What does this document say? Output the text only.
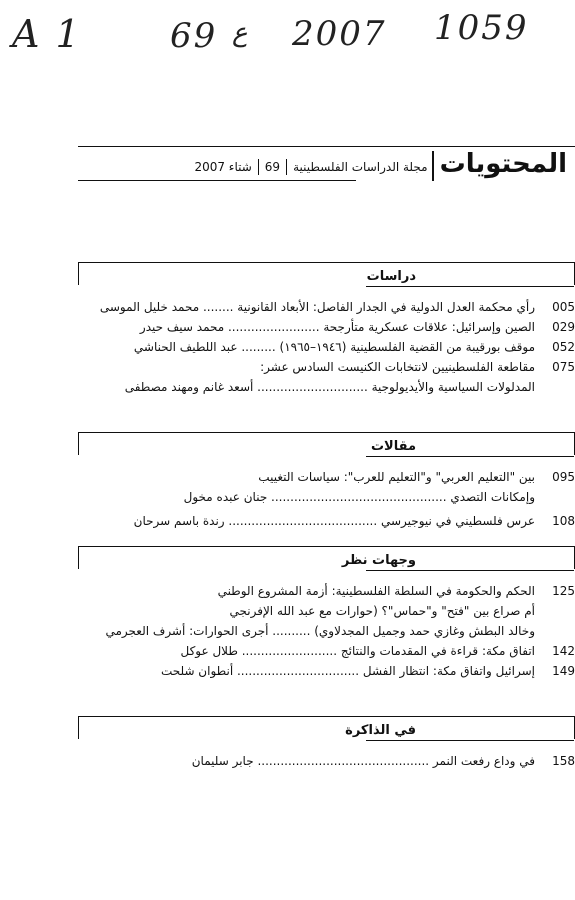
A 1	69 ع 2007 1059
المحتويات
مجلة الدراسات الفلسطينية
69
شتاء 2007
دراسات
005
رأي محكمة العدل الدولية في الجدار الفاصل: الأبعاد القانونية ........ محمد خليل الموسى
029
الصين وإسرائيل: علاقات عسكرية متأرجحة ........................ محمد سيف حيدر
052
موقف بورقيبة من القضية الفلسطينية (١٩٤٦–١٩٦٥) ......... عبد اللطيف الحناشي
075
مقاطعة الفلسطينيين لانتخابات الكنيست السادس عشر:
المدلولات السياسية والأيديولوجية ............................. أسعد غانم ومهند مصطفى
مقالات
095
بين "التعليم العربي" و"التعليم للعرب": سياسات التغييب
وإمكانات التصدي .............................................. جنان عبده مخول
108
عرس فلسطيني في نيوجيرسي ....................................... رندة باسم سرحان
وجهات نظر
125
الحكم والحكومة في السلطة الفلسطينية: أزمة المشروع الوطني
أم صراع بين "فتح" و"حماس"؟ (حوارات مع عبد الله الإفرنجي
وخالد البطش وغازي حمد وجميل المجدلاوي) .......... أجرى الحوارات: أشرف العجرمي
142
اتفاق مكة: قراءة في المقدمات والنتائج ......................... طلال عوكل
149
إسرائيل واتفاق مكة: انتظار الفشل ................................ أنطوان شلحت
في الذاكرة
158
في وداع رفعت النمر ............................................. جابر سليمان
